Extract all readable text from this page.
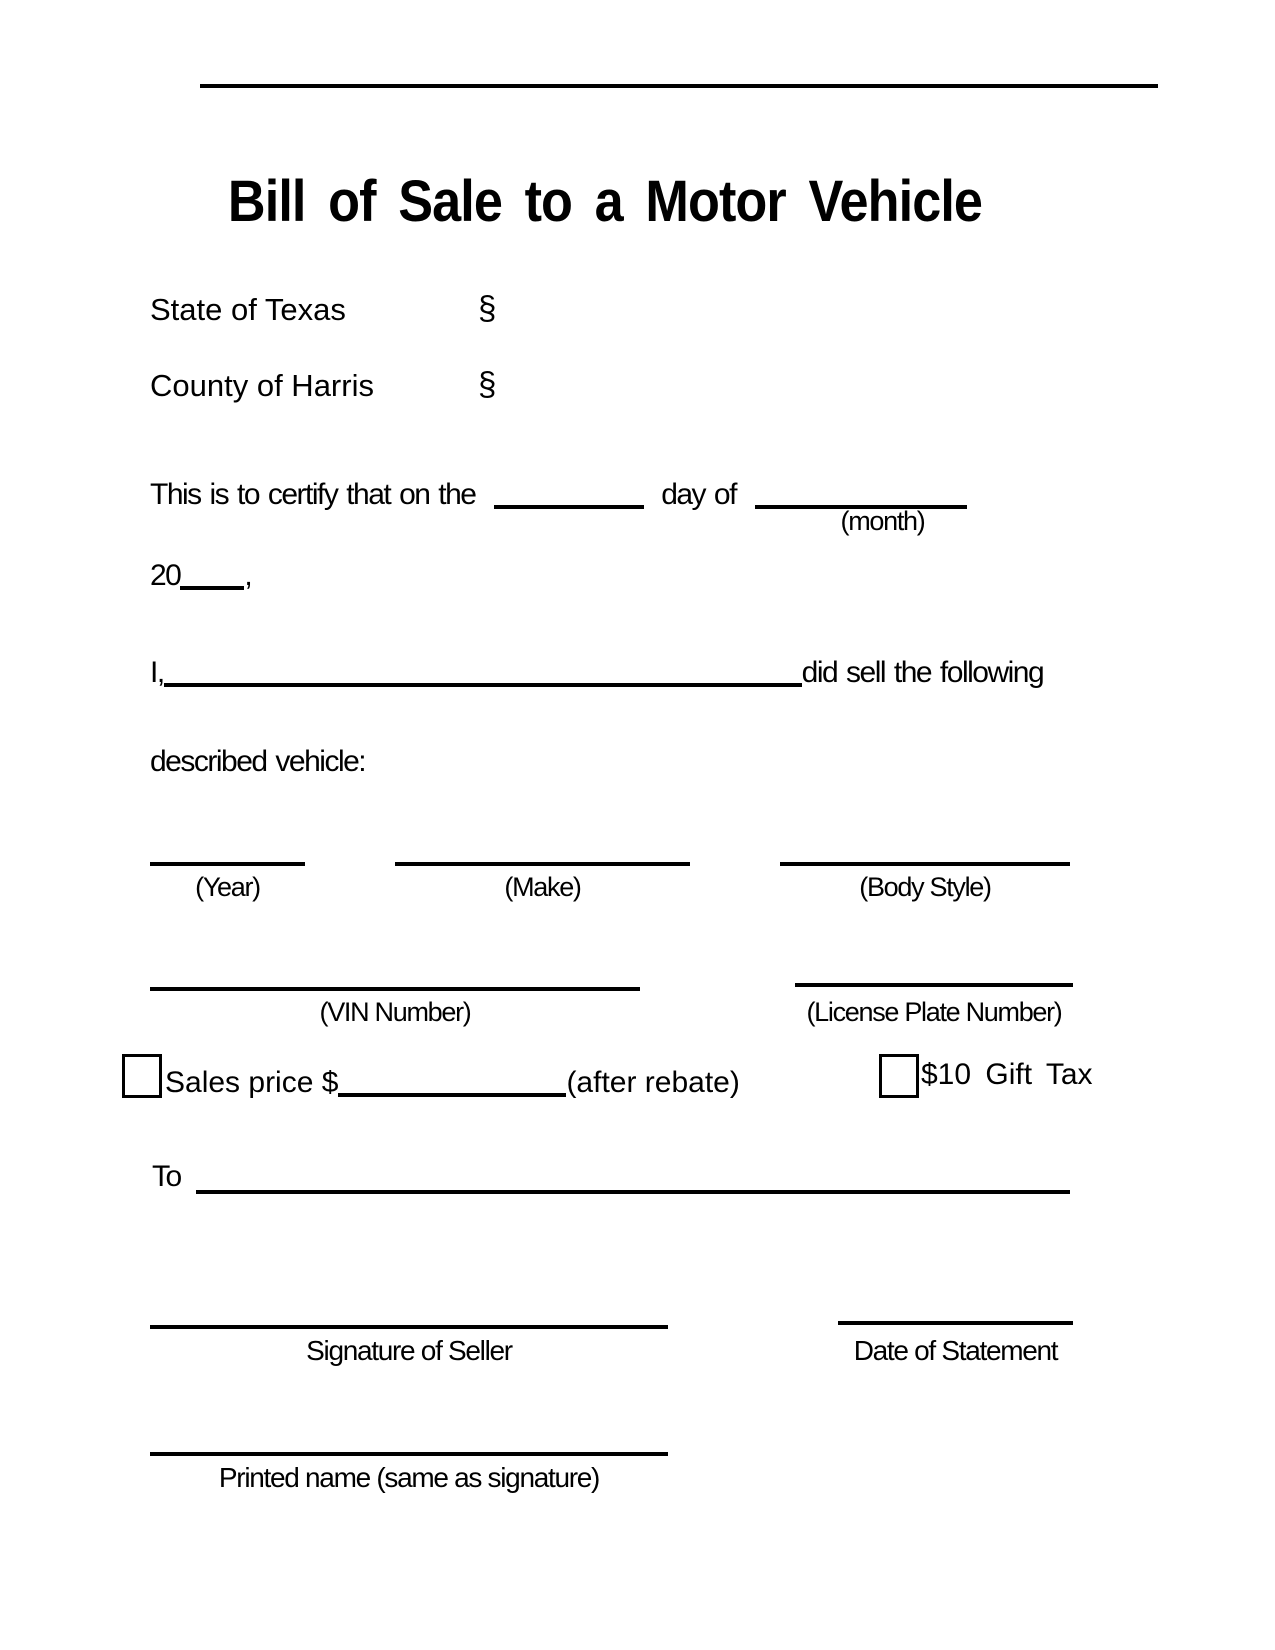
Bill of Sale to a Motor Vehicle
State of Texas	§
County of Harris	§
This is to certify that on the	day of
(month)
20 ,
I,	did sell the following
described vehicle:
(Year)	(Make)	(Body Style)
(VIN Number)	(License Plate Number)
Sales price $	(after rebate)	$10 Gift Tax
To
Signature of Seller	Date of Statement
Printed name (same as signature)
